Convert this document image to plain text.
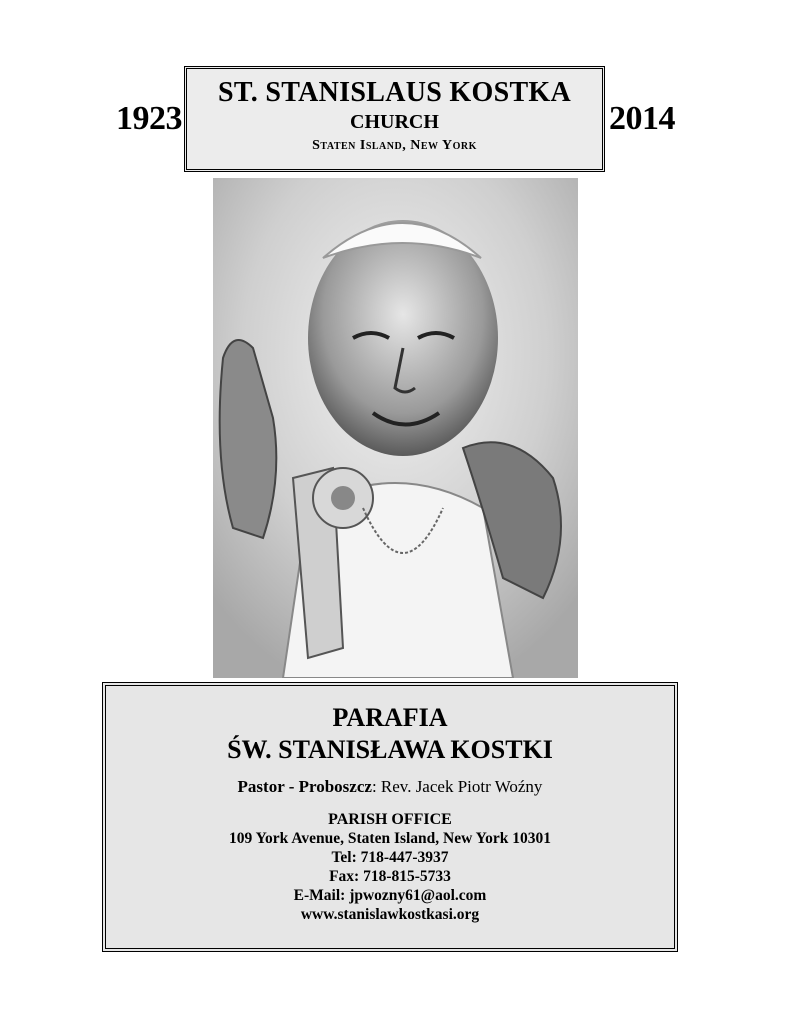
1923	2014
ST. STANISLAUS KOSTKA
CHURCH
Staten Island, New York
PARAFIA
ŚW. STANISŁAWA KOSTKI
Pastor - Proboszcz: Rev. Jacek Piotr Woźny
PARISH OFFICE
109 York Avenue, Staten Island, New York 10301
Tel: 718-447-3937
Fax: 718-815-5733
E-Mail: jpwozny61@aol.com
www.stanislawkostkasi.org
